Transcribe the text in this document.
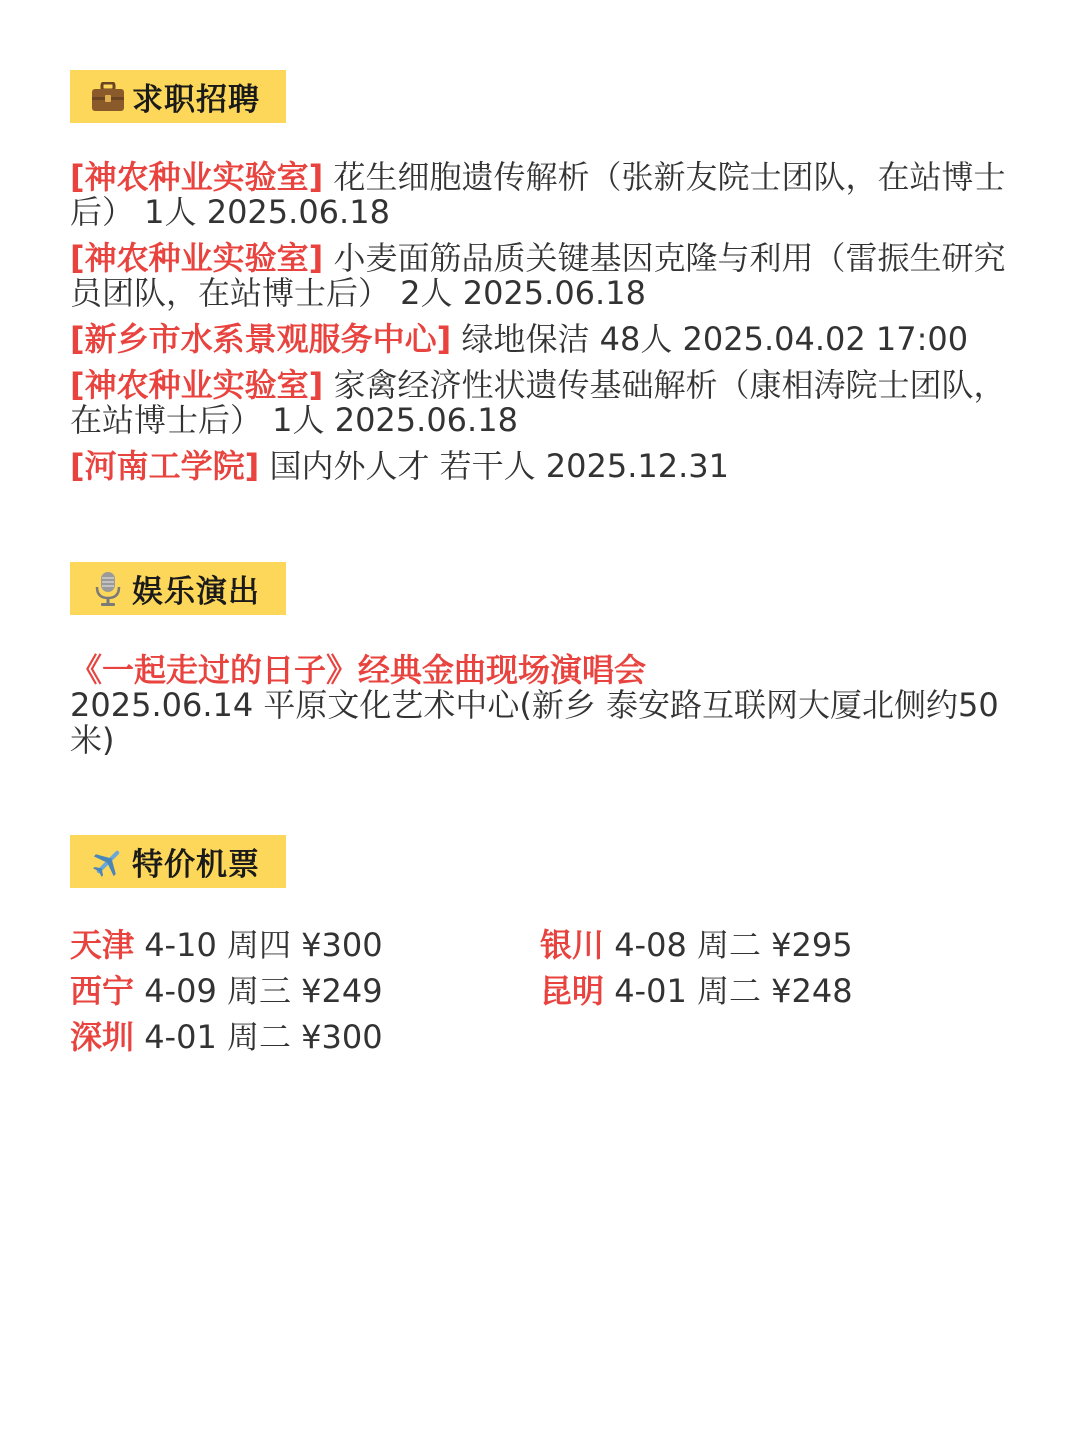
求职招聘
[神农种业实验室] 花生细胞遗传解析（张新友院士团队，在站博士后） 1人 2025.06.18
[神农种业实验室] 小麦面筋品质关键基因克隆与利用（雷振生研究员团队，在站博士后） 2人 2025.06.18
[新乡市水系景观服务中心] 绿地保洁 48人 2025.04.02 17:00
[神农种业实验室] 家禽经济性状遗传基础解析（康相涛院士团队，在站博士后） 1人 2025.06.18
[河南工学院] 国内外人才 若干人 2025.12.31
娱乐演出
《一起走过的日子》经典金曲现场演唱会
2025.06.14 平原文化艺术中心(新乡 泰安路互联网大厦北侧约50米)
特价机票
天津 4-10 周四 ¥300	银川 4-08 周二 ¥295
西宁 4-09 周三 ¥249	昆明 4-01 周二 ¥248
深圳 4-01 周二 ¥300
